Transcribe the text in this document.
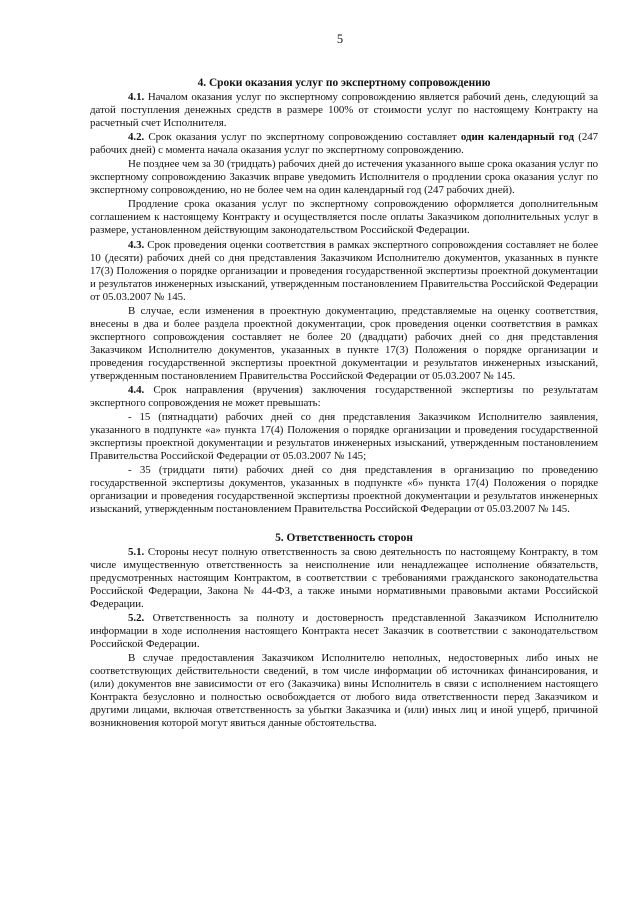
5
4. Сроки оказания услуг по экспертному сопровождению

4.1. Началом оказания услуг по экспертному сопровождению является рабочий день, следующий за датой поступления денежных средств в размере 100% от стоимости услуг по настоящему Контракту на расчетный счет Исполнителя.

4.2. Срок оказания услуг по экспертному сопровождению составляет один календарный год (247 рабочих дней) с момента начала оказания услуг по экспертному сопровождению.

Не позднее чем за 30 (тридцать) рабочих дней до истечения указанного выше срока оказания услуг по экспертному сопровождению Заказчик вправе уведомить Исполнителя о продлении срока оказания услуг по экспертному сопровождению, но не более чем на один календарный год (247 рабочих дней).

Продление срока оказания услуг по экспертному сопровождению оформляется дополнительным соглашением к настоящему Контракту и осуществляется после оплаты Заказчиком дополнительных услуг в размере, установленном действующим законодательством Российской Федерации.

4.3. Срок проведения оценки соответствия в рамках экспертного сопровождения составляет не более 10 (десяти) рабочих дней со дня представления Заказчиком Исполнителю документов, указанных в пункте 17(3) Положения о порядке организации и проведения государственной экспертизы проектной документации и результатов инженерных изысканий, утвержденным постановлением Правительства Российской Федерации от 05.03.2007 № 145.

В случае, если изменения в проектную документацию, представляемые на оценку соответствия, внесены в два и более раздела проектной документации, срок проведения оценки соответствия в рамках экспертного сопровождения составляет не более 20 (двадцати) рабочих дней со дня представления Заказчиком Исполнителю документов, указанных в пункте 17(3) Положения о порядке организации и проведения государственной экспертизы проектной документации и результатов инженерных изысканий, утвержденным постановлением Правительства Российской Федерации от 05.03.2007 № 145.

4.4. Срок направления (вручения) заключения государственной экспертизы по результатам экспертного сопровождения не может превышать:

- 15 (пятнадцати) рабочих дней со дня представления Заказчиком Исполнителю заявления, указанного в подпункте «а» пункта 17(4) Положения о порядке организации и проведения государственной экспертизы проектной документации и результатов инженерных изысканий, утвержденным постановлением Правительства Российской Федерации от 05.03.2007 № 145;

- 35 (тридцати пяти) рабочих дней со дня представления в организацию по проведению государственной экспертизы документов, указанных в подпункте «б» пункта 17(4) Положения о порядке организации и проведения государственной экспертизы проектной документации и результатов инженерных изысканий, утвержденным постановлением Правительства Российской Федерации от 05.03.2007 № 145.

5. Ответственность сторон

5.1. Стороны несут полную ответственность за свою деятельность по настоящему Контракту, в том числе имущественную ответственность за неисполнение или ненадлежащее исполнение обязательств, предусмотренных настоящим Контрактом, в соответствии с требованиями гражданского законодательства Российской Федерации, Закона № 44-ФЗ, а также иными нормативными правовыми актами Российской Федерации.

5.2. Ответственность за полноту и достоверность представленной Заказчиком Исполнителю информации в ходе исполнения настоящего Контракта несет Заказчик в соответствии с законодательством Российской Федерации.

В случае предоставления Заказчиком Исполнителю неполных, недостоверных либо иных не соответствующих действительности сведений, в том числе информации об источниках финансирования, и (или) документов вне зависимости от его (Заказчика) вины Исполнитель в связи с исполнением настоящего Контракта безусловно и полностью освобождается от любого вида ответственности перед Заказчиком и другими лицами, включая ответственность за убытки Заказчика и (или) иных лиц и иной ущерб, причиной возникновения которой могут явиться данные обстоятельства.
